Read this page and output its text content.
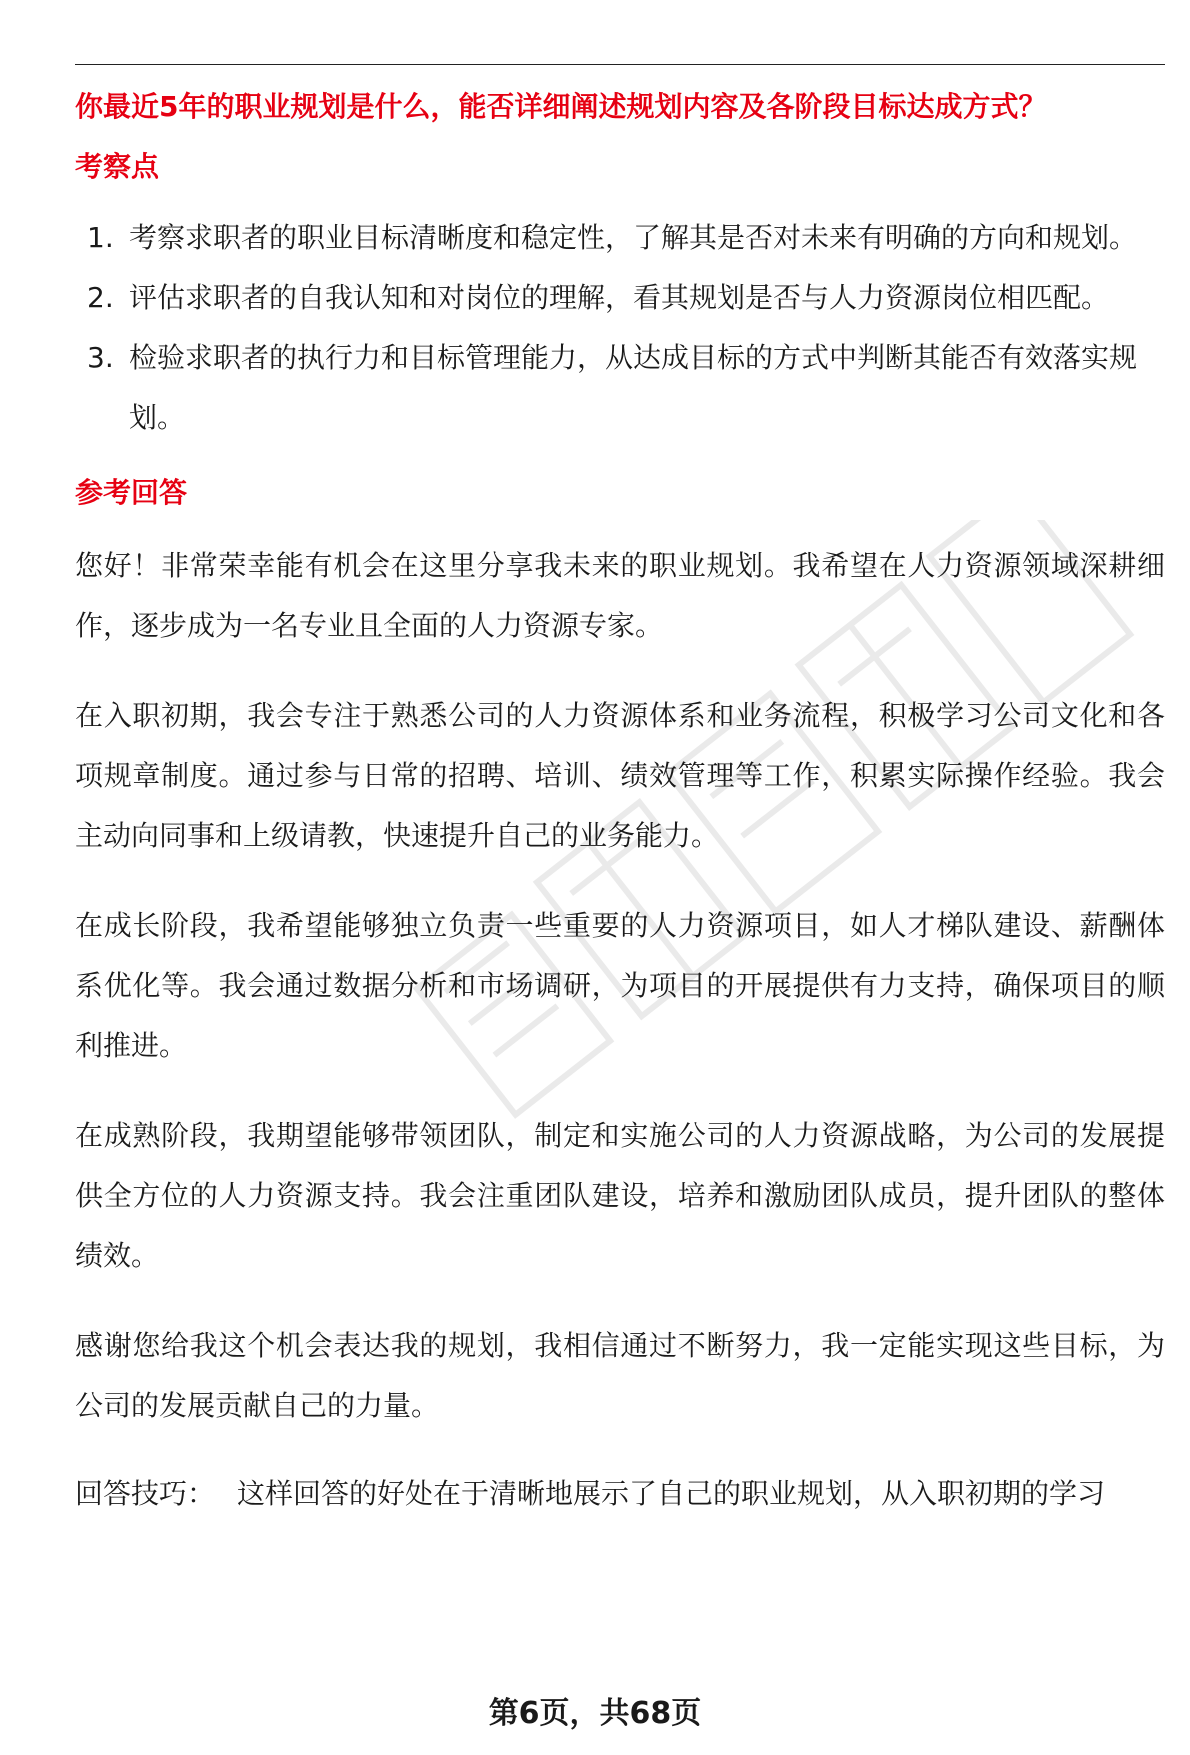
你最近5年的职业规划是什么，能否详细阐述规划内容及各阶段目标达成方式？

考察点

1. 考察求职者的职业目标清晰度和稳定性，了解其是否对未来有明确的方向和规划。
2. 评估求职者的自我认知和对岗位的理解，看其规划是否与人力资源岗位相匹配。
3. 检验求职者的执行力和目标管理能力，从达成目标的方式中判断其能否有效落实规划。

参考回答

您好！非常荣幸能有机会在这里分享我未来的职业规划。我希望在人力资源领域深耕细作，逐步成为一名专业且全面的人力资源专家。

在入职初期，我会专注于熟悉公司的人力资源体系和业务流程，积极学习公司文化和各项规章制度。通过参与日常的招聘、培训、绩效管理等工作，积累实际操作经验。我会主动向同事和上级请教，快速提升自己的业务能力。

在成长阶段，我希望能够独立负责一些重要的人力资源项目，如人才梯队建设、薪酬体系优化等。我会通过数据分析和市场调研，为项目的开展提供有力支持，确保项目的顺利推进。

在成熟阶段，我期望能够带领团队，制定和实施公司的人力资源战略，为公司的发展提供全方位的人力资源支持。我会注重团队建设，培养和激励团队成员，提升团队的整体绩效。

感谢您给我这个机会表达我的规划，我相信通过不断努力，我一定能实现这些目标，为公司的发展贡献自己的力量。

回答技巧： 这样回答的好处在于清晰地展示了自己的职业规划，从入职初期的学习

第6页，共68页
